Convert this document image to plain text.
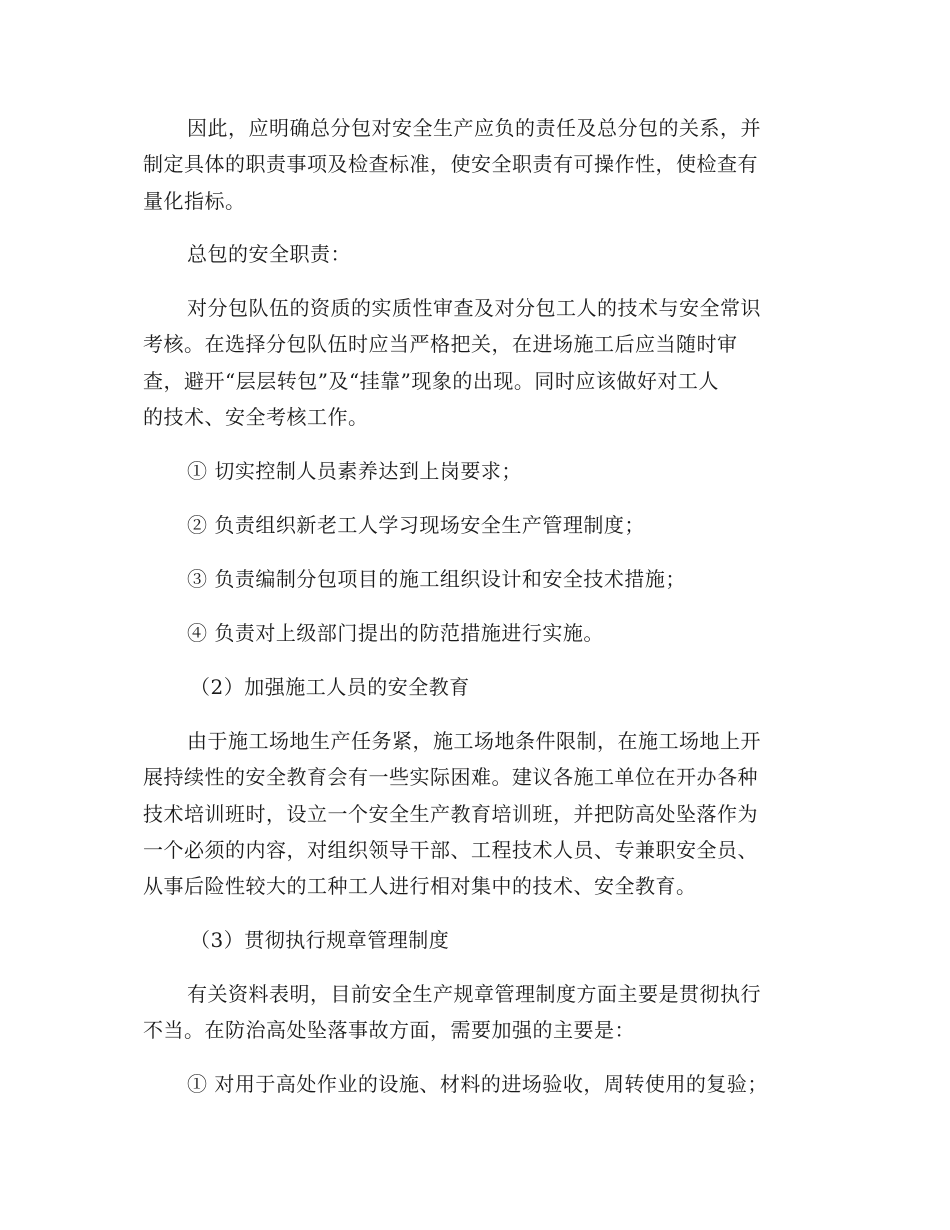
因此，应明确总分包对安全生产应负的责任及总分包的关系，并
制定具体的职责事项及检查标准，使安全职责有可操作性，使检查有
量化指标。
总包的安全职责：
对分包队伍的资质的实质性审查及对分包工人的技术与安全常识
考核。在选择分包队伍时应当严格把关，在进场施工后应当随时审
查，避开“层层转包”及“挂靠”现象的出现。同时应该做好对工人
的技术、安全考核工作。
① 切实控制人员素养达到上岗要求；
② 负责组织新老工人学习现场安全生产管理制度；
③ 负责编制分包项目的施工组织设计和安全技术措施；
④ 负责对上级部门提出的防范措施进行实施。
（2）加强施工人员的安全教育
由于施工场地生产任务紧，施工场地条件限制，在施工场地上开
展持续性的安全教育会有一些实际困难。建议各施工单位在开办各种
技术培训班时，设立一个安全生产教育培训班，并把防高处坠落作为
一个必须的内容，对组织领导干部、工程技术人员、专兼职安全员、
从事后险性较大的工种工人进行相对集中的技术、安全教育。
（3）贯彻执行规章管理制度
有关资料表明，目前安全生产规章管理制度方面主要是贯彻执行
不当。在防治高处坠落事故方面，需要加强的主要是：
① 对用于高处作业的设施、材料的进场验收，周转使用的复验；
